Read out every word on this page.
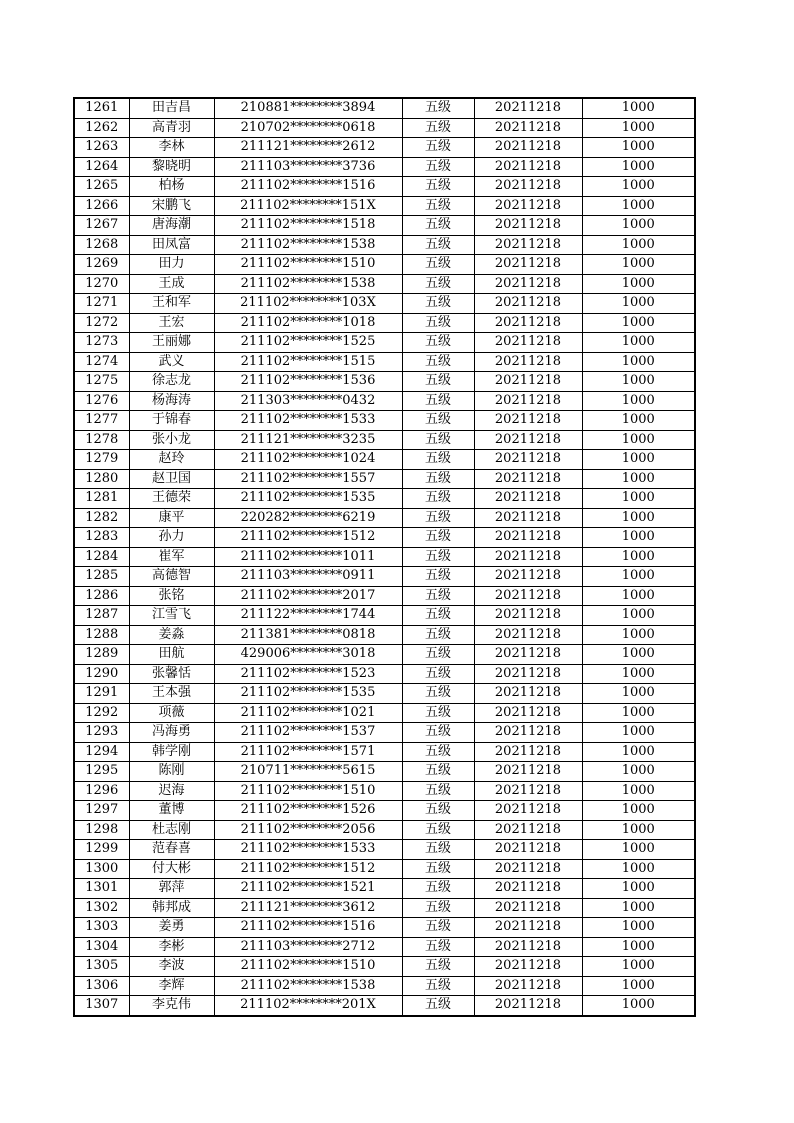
1261	田吉昌	210881********3894	五级	20211218	1000
1262	高青羽	210702********0618	五级	20211218	1000
1263	李林	211121********2612	五级	20211218	1000
1264	黎晓明	211103********3736	五级	20211218	1000
1265	柏杨	211102********1516	五级	20211218	1000
1266	宋鹏飞	211102********151X	五级	20211218	1000
1267	唐海潮	211102********1518	五级	20211218	1000
1268	田凤富	211102********1538	五级	20211218	1000
1269	田力	211102********1510	五级	20211218	1000
1270	王成	211102********1538	五级	20211218	1000
1271	王和军	211102********103X	五级	20211218	1000
1272	王宏	211102********1018	五级	20211218	1000
1273	王丽娜	211102********1525	五级	20211218	1000
1274	武义	211102********1515	五级	20211218	1000
1275	徐志龙	211102********1536	五级	20211218	1000
1276	杨海涛	211303********0432	五级	20211218	1000
1277	于锦春	211102********1533	五级	20211218	1000
1278	张小龙	211121********3235	五级	20211218	1000
1279	赵玲	211102********1024	五级	20211218	1000
1280	赵卫国	211102********1557	五级	20211218	1000
1281	王德荣	211102********1535	五级	20211218	1000
1282	康平	220282********6219	五级	20211218	1000
1283	孙力	211102********1512	五级	20211218	1000
1284	崔军	211102********1011	五级	20211218	1000
1285	高德智	211103********0911	五级	20211218	1000
1286	张铭	211102********2017	五级	20211218	1000
1287	江雪飞	211122********1744	五级	20211218	1000
1288	姜淼	211381********0818	五级	20211218	1000
1289	田航	429006********3018	五级	20211218	1000
1290	张馨恬	211102********1523	五级	20211218	1000
1291	王本强	211102********1535	五级	20211218	1000
1292	项薇	211102********1021	五级	20211218	1000
1293	冯海勇	211102********1537	五级	20211218	1000
1294	韩学刚	211102********1571	五级	20211218	1000
1295	陈刚	210711********5615	五级	20211218	1000
1296	迟海	211102********1510	五级	20211218	1000
1297	董博	211102********1526	五级	20211218	1000
1298	杜志刚	211102********2056	五级	20211218	1000
1299	范春喜	211102********1533	五级	20211218	1000
1300	付大彬	211102********1512	五级	20211218	1000
1301	郭萍	211102********1521	五级	20211218	1000
1302	韩邦成	211121********3612	五级	20211218	1000
1303	姜勇	211102********1516	五级	20211218	1000
1304	李彬	211103********2712	五级	20211218	1000
1305	李波	211102********1510	五级	20211218	1000
1306	李辉	211102********1538	五级	20211218	1000
1307	李克伟	211102********201X	五级	20211218	1000
